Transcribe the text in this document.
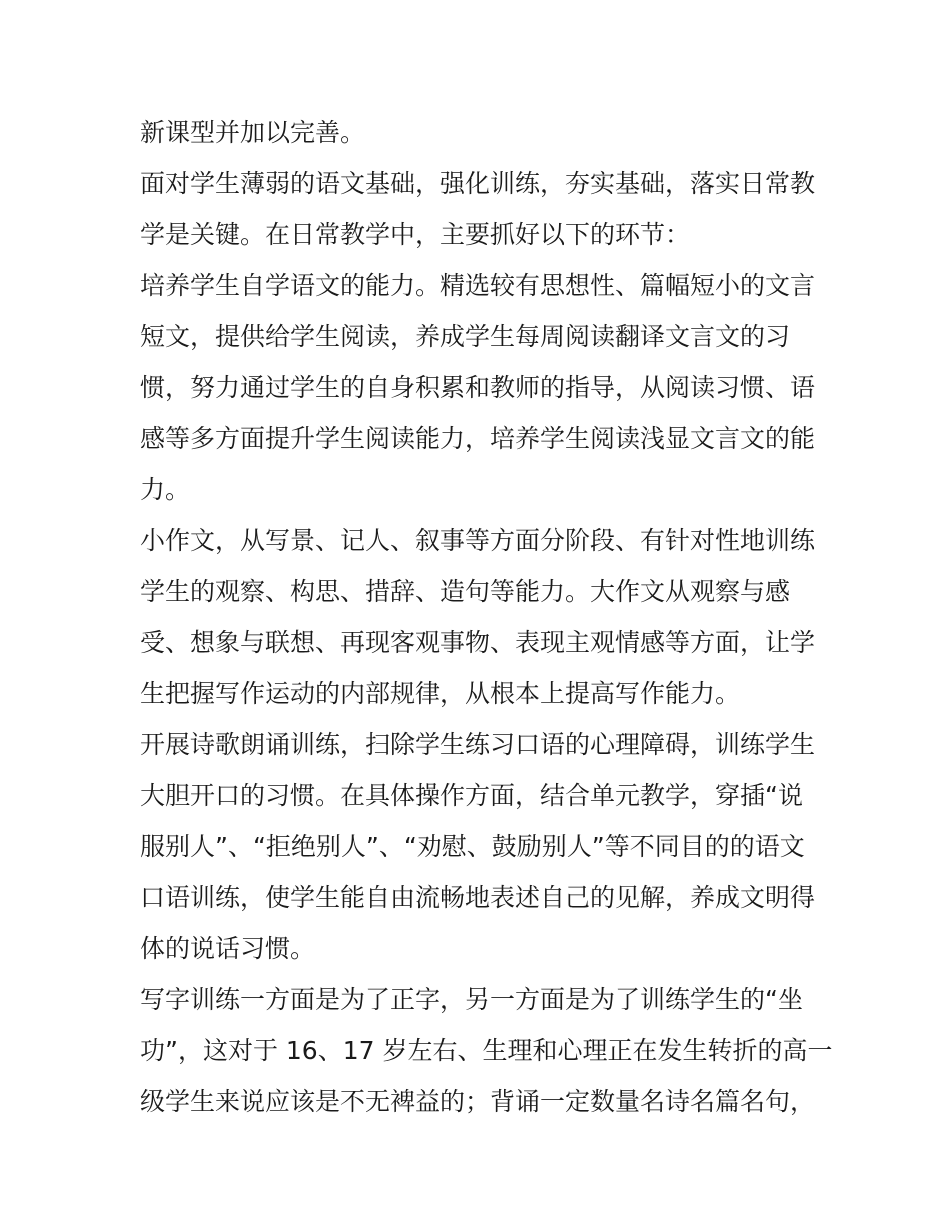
新课型并加以完善。
面对学生薄弱的语文基础，强化训练，夯实基础，落实日常教
学是关键。在日常教学中，主要抓好以下的环节：
培养学生自学语文的能力。精选较有思想性、篇幅短小的文言
短文，提供给学生阅读，养成学生每周阅读翻译文言文的习
惯，努力通过学生的自身积累和教师的指导，从阅读习惯、语
感等多方面提升学生阅读能力，培养学生阅读浅显文言文的能
力。
小作文，从写景、记人、叙事等方面分阶段、有针对性地训练
学生的观察、构思、措辞、造句等能力。大作文从观察与感
受、想象与联想、再现客观事物、表现主观情感等方面，让学
生把握写作运动的内部规律，从根本上提高写作能力。
开展诗歌朗诵训练，扫除学生练习口语的心理障碍，训练学生
大胆开口的习惯。在具体操作方面，结合单元教学，穿插“说
服别人”、“拒绝别人”、“劝慰、鼓励别人”等不同目的的语文
口语训练，使学生能自由流畅地表述自己的见解，养成文明得
体的说话习惯。
写字训练一方面是为了正字，另一方面是为了训练学生的“坐
功”，这对于 16、17 岁左右、生理和心理正在发生转折的高一
级学生来说应该是不无裨益的；背诵一定数量名诗名篇名句，
